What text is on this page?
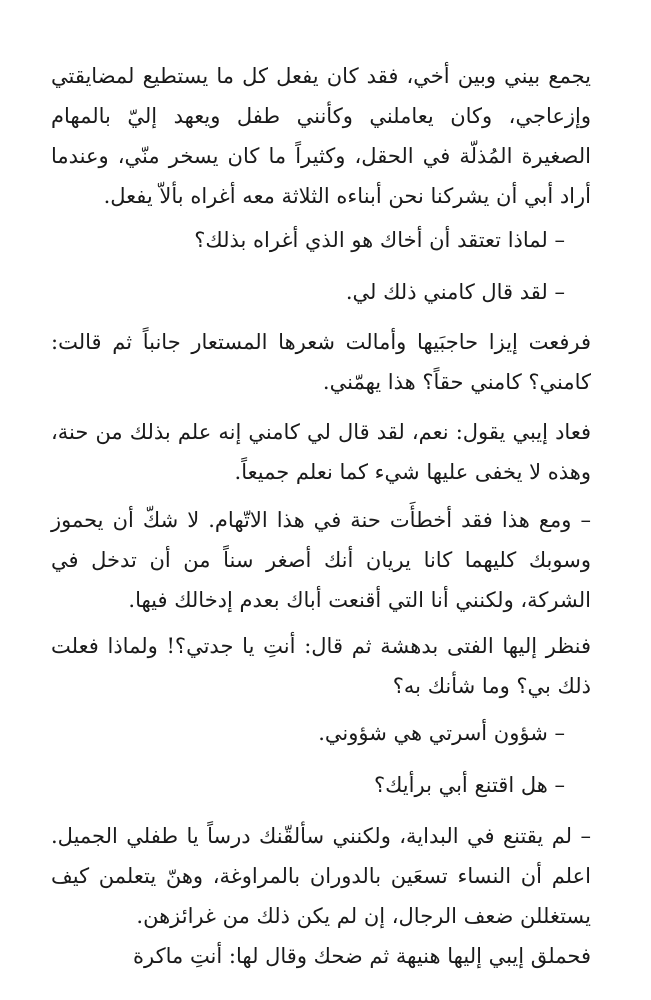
يجمع بيني وبين أخي، فقد كان يفعل كل ما يستطيع لمضايقتي وإزعاجي، وكان يعاملني وكأنني طفل ويعهد إليّ بالمهام الصغيرة المُذلّة في الحقل، وكثيراً ما كان يسخر منّي، وعندما أراد أبي أن يشركنا نحن أبناءه الثلاثة معه أغراه بألاّ يفعل.

– لماذا تعتقد أن أخاك هو الذي أغراه بذلك؟

– لقد قال كامني ذلك لي.

فرفعت إيزا حاجبَيها وأمالت شعرها المستعار جانباً ثم قالت: كامني؟ كامني حقاً؟ هذا يهمّني.

فعاد إيبي يقول: نعم، لقد قال لي كامني إنه علم بذلك من حنة، وهذه لا يخفى عليها شيء كما نعلم جميعاً.

– ومع هذا فقد أخطأَت حنة في هذا الاتّهام. لا شكّ أن يحموز وسوبك كليهما كانا يريان أنك أصغر سناً من أن تدخل في الشركة، ولكنني أنا التي أقنعت أباك بعدم إدخالك فيها.

فنظر إليها الفتى بدهشة ثم قال: أنتِ يا جدتي؟! ولماذا فعلت ذلك بي؟ وما شأنك به؟

– شؤون أسرتي هي شؤوني.

– هل اقتنع أبي برأيك؟

– لم يقتنع في البداية، ولكنني سألقّنك درساً يا طفلي الجميل. اعلم أن النساء تسعَين بالدوران بالمراوغة، وهنّ يتعلمن كيف يستغللن ضعف الرجال، إن لم يكن ذلك من غرائزهن.

فحملق إيبي إليها هنيهة ثم ضحك وقال لها: أنتِ ماكرة
